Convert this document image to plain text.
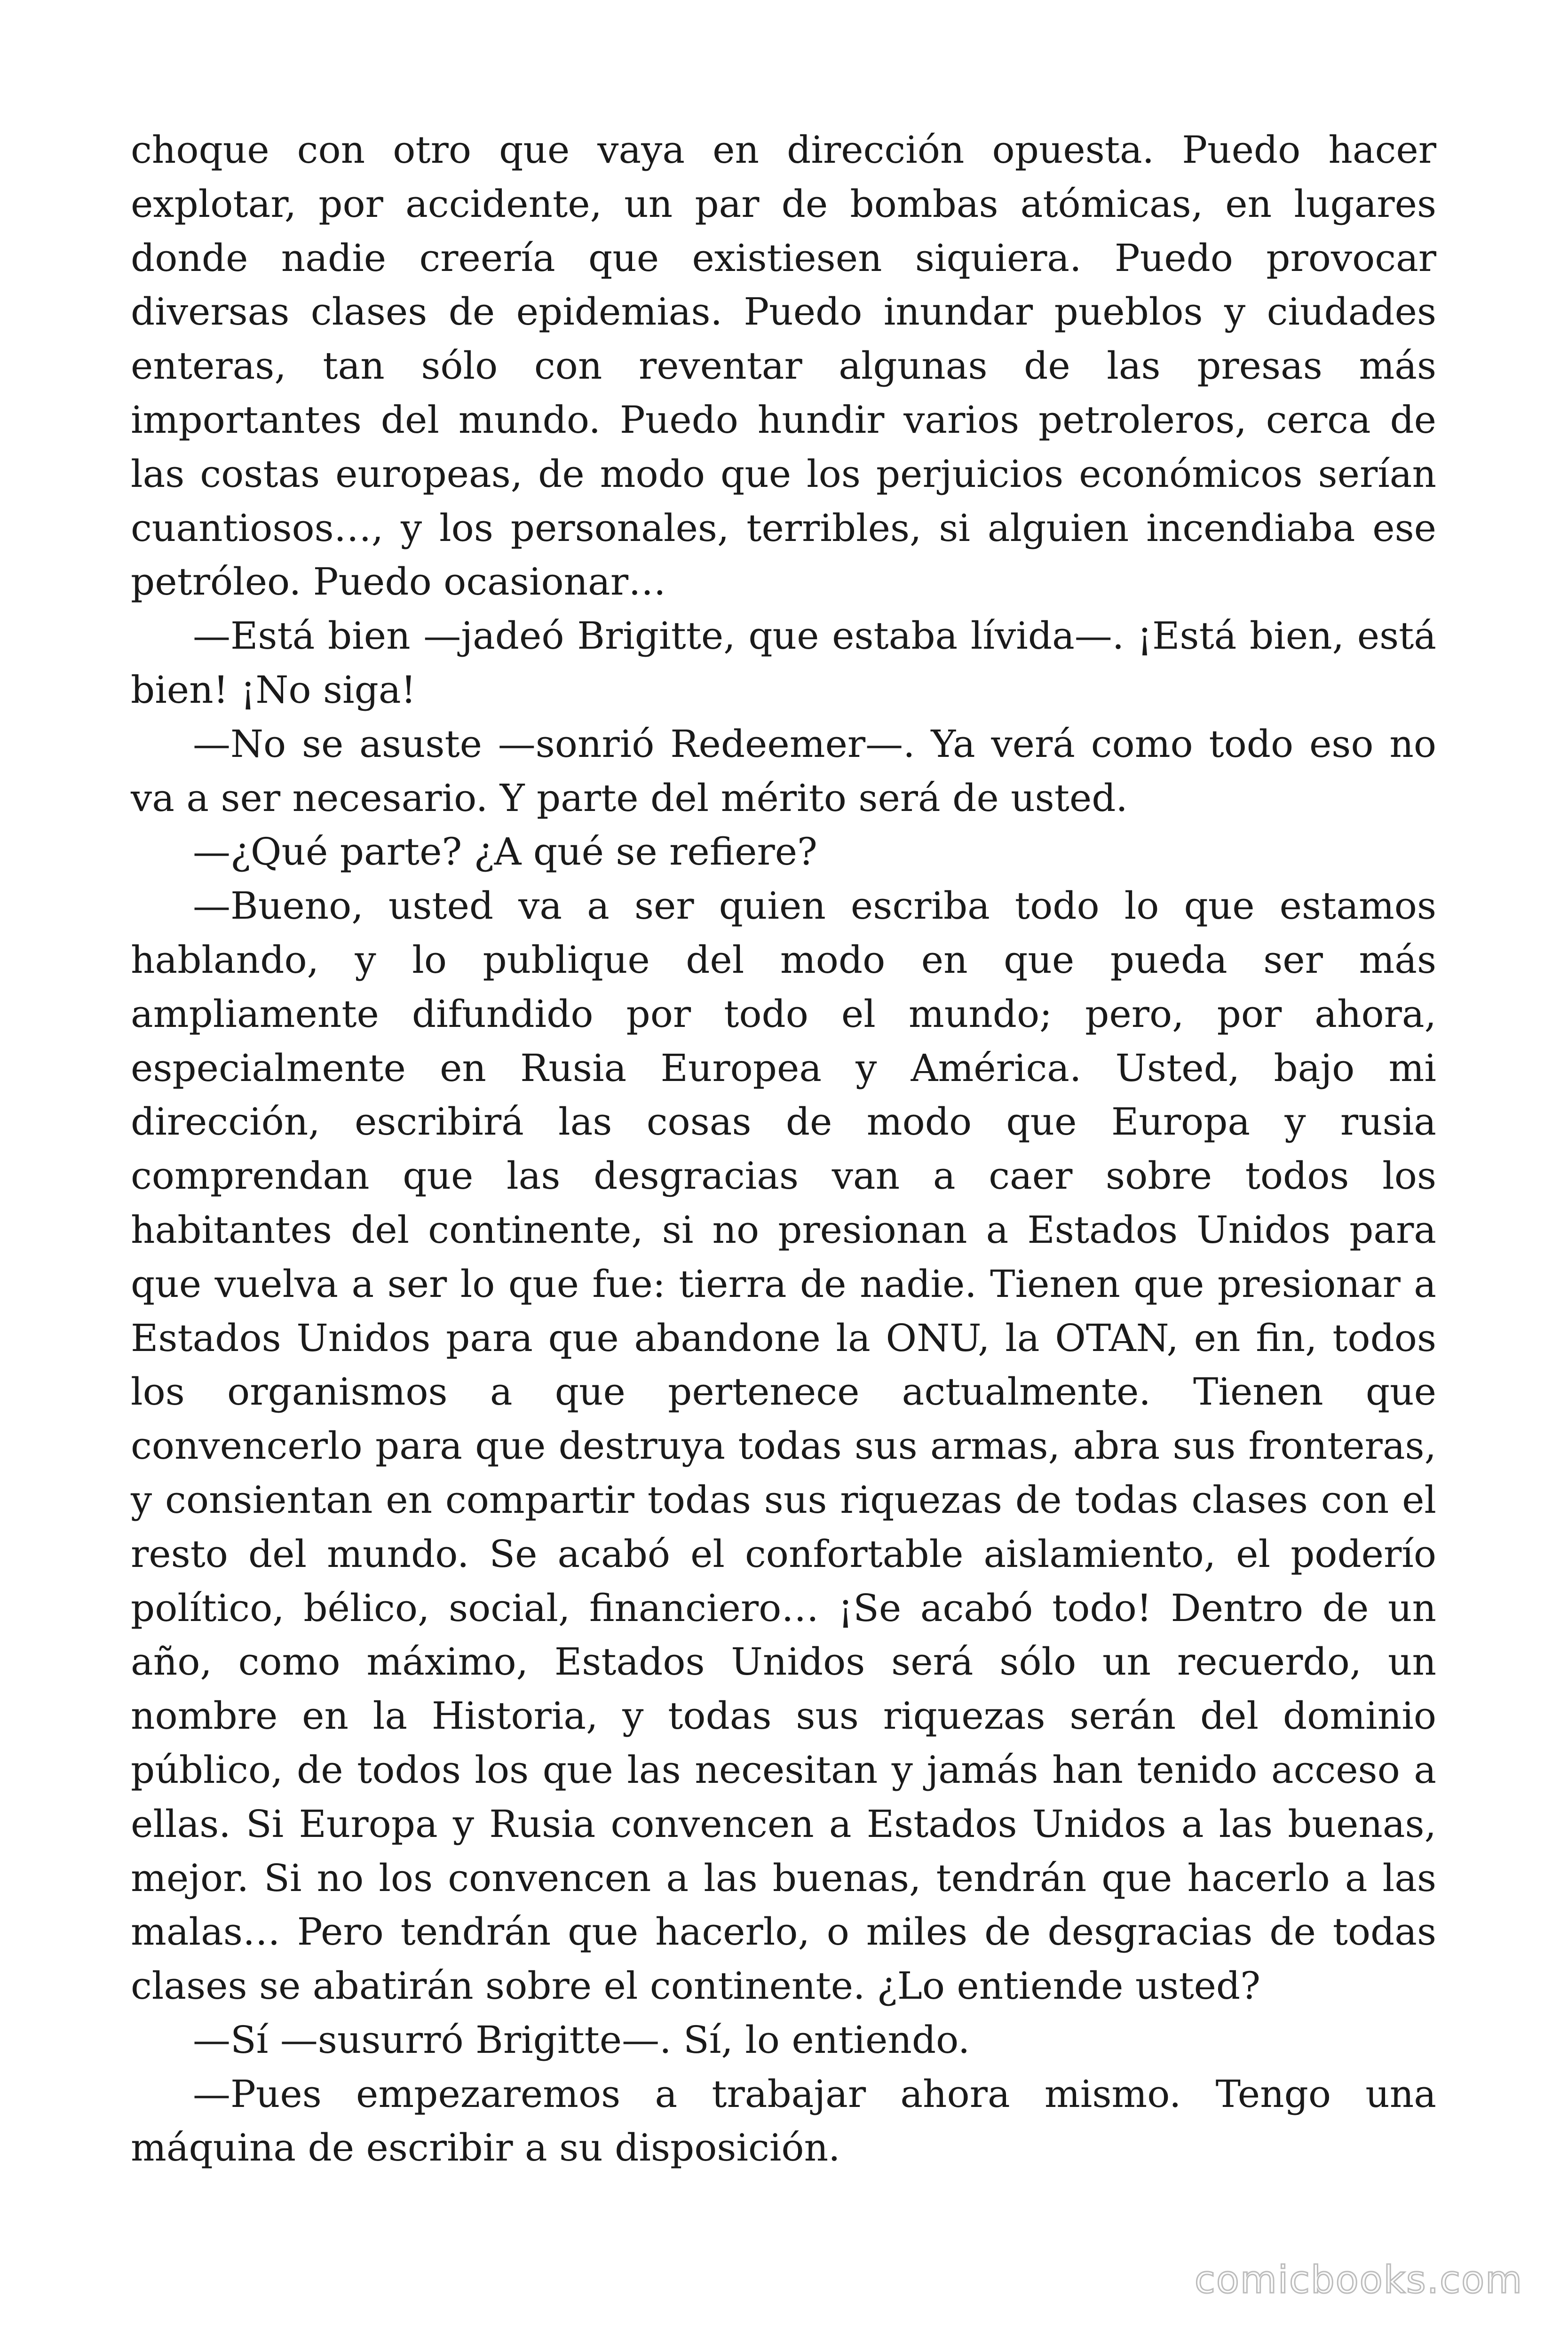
choque con otro que vaya en dirección opuesta. Puedo hacer explotar, por accidente, un par de bombas atómicas, en lugares donde nadie creería que existiesen siquiera. Puedo provocar diversas clases de epidemias. Puedo inundar pueblos y ciudades enteras, tan sólo con reventar algunas de las presas más importantes del mundo. Puedo hundir varios petroleros, cerca de las costas europeas, de modo que los perjuicios económicos serían cuantiosos…, y los personales, terribles, si alguien incendiaba ese petróleo. Puedo ocasionar…

—Está bien —jadeó Brigitte, que estaba lívida—. ¡Está bien, está bien! ¡No siga!

—No se asuste —sonrió Redeemer—. Ya verá como todo eso no va a ser necesario. Y parte del mérito será de usted.

—¿Qué parte? ¿A qué se refiere?

—Bueno, usted va a ser quien escriba todo lo que estamos hablando, y lo publique del modo en que pueda ser más ampliamente difundido por todo el mundo; pero, por ahora, especialmente en Rusia Europea y América. Usted, bajo mi dirección, escribirá las cosas de modo que Europa y rusia comprendan que las desgracias van a caer sobre todos los habitantes del continente, si no presionan a Estados Unidos para que vuelva a ser lo que fue: tierra de nadie. Tienen que presionar a Estados Unidos para que abandone la ONU, la OTAN, en fin, todos los organismos a que pertenece actualmente. Tienen que convencerlo para que destruya todas sus armas, abra sus fronteras, y consientan en compartir todas sus riquezas de todas clases con el resto del mundo. Se acabó el confortable aislamiento, el poderío político, bélico, social, financiero… ¡Se acabó todo! Dentro de un año, como máximo, Estados Unidos será sólo un recuerdo, un nombre en la Historia, y todas sus riquezas serán del dominio público, de todos los que las necesitan y jamás han tenido acceso a ellas. Si Europa y Rusia convencen a Estados Unidos a las buenas, mejor. Si no los convencen a las buenas, tendrán que hacerlo a las malas… Pero tendrán que hacerlo, o miles de desgracias de todas clases se abatirán sobre el continente. ¿Lo entiende usted?

—Sí —susurró Brigitte—. Sí, lo entiendo.

—Pues empezaremos a trabajar ahora mismo. Tengo una máquina de escribir a su disposición.

comicbooks.com
